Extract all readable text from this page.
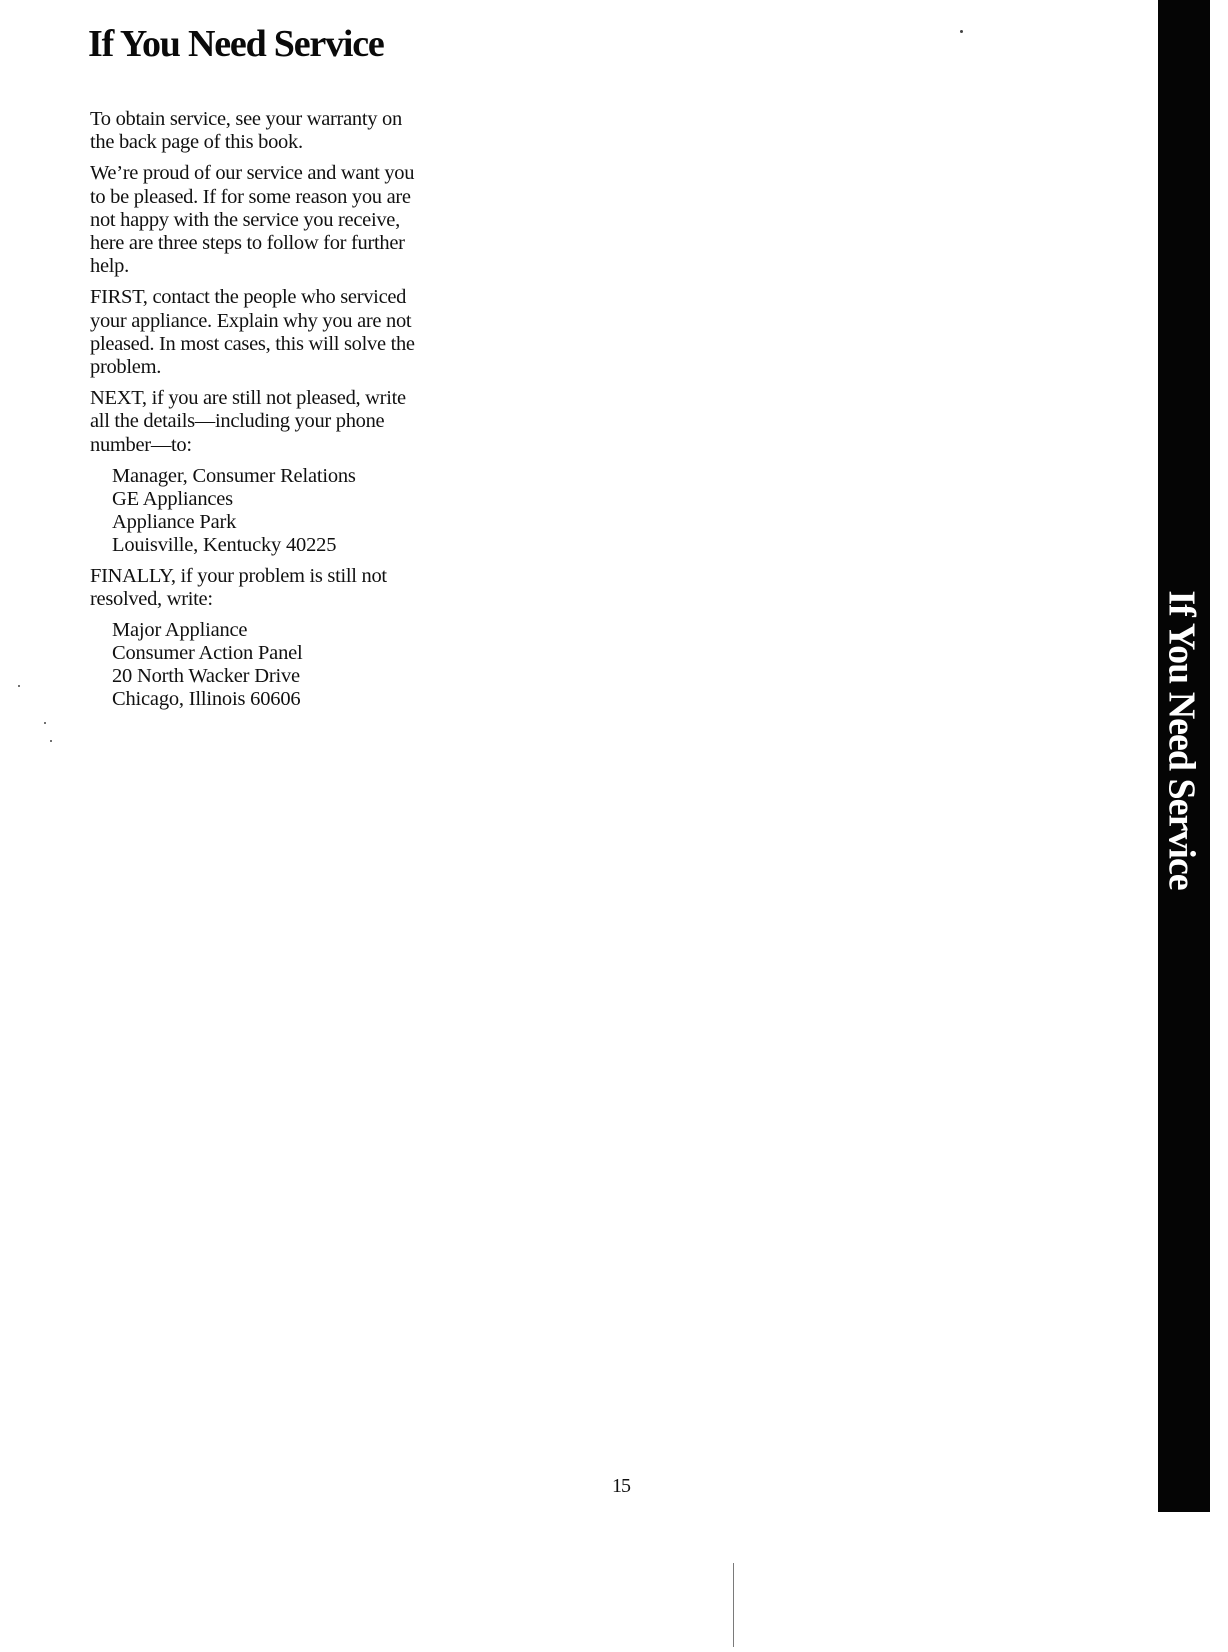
If You Need Service

To obtain service, see your warranty on the back page of this book.

We’re proud of our service and want you to be pleased. If for some reason you are not happy with the service you receive, here are three steps to follow for further help.

FIRST, contact the people who serviced your appliance. Explain why you are not pleased. In most cases, this will solve the problem.

NEXT, if you are still not pleased, write all the details—including your phone number—to:

Manager, Consumer Relations
GE Appliances
Appliance Park
Louisville, Kentucky 40225

FINALLY, if your problem is still not resolved, write:

Major Appliance
Consumer Action Panel
20 North Wacker Drive
Chicago, Illinois 60606	If You Need Service
15
